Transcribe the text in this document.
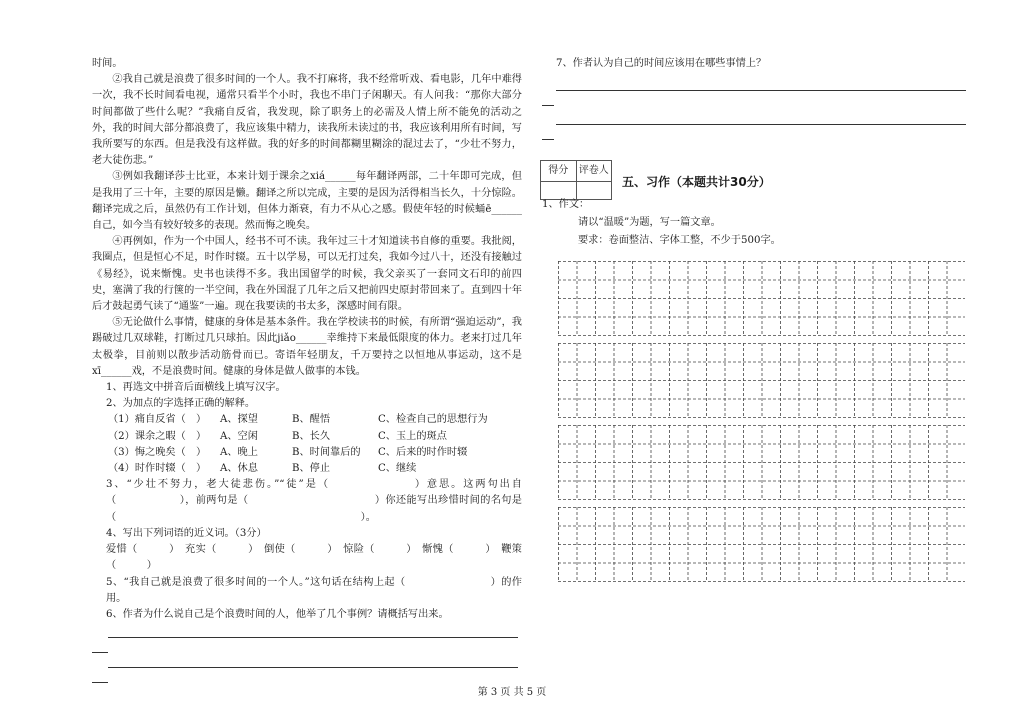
时间。

②我自己就是浪费了很多时间的一个人。我不打麻将，我不经常听戏、看电影，几年中难得一次，我不长时间看电视，通常只看半个小时，我也不串门子闲聊天。有人问我：“那你大部分时间都做了些什么呢？”我痛自反省，我发现，除了职务上的必需及人情上所不能免的活动之外，我的时间大部分都浪费了，我应该集中精力，读我所未读过的书，我应该利用所有时间，写我所要写的东西。但是我没有这样做。我的好多的时间都糊里糊涂的混过去了，“少壮不努力，老大徒伤悲。”

③例如我翻译莎士比亚，本来计划于课余之xiá______每年翻译两部，二十年即可完成，但是我用了三十年，主要的原因是懒。翻译之所以完成，主要的是因为活得相当长久，十分惊险。翻译完成之后，虽然仍有工作计划，但体力渐衰，有力不从心之感。假使年轻的时候蛹ē______自己，如今当有较好较多的表现。然而悔之晚矣。

④再例如，作为一个中国人，经书不可不读。我年过三十才知道读书自修的重要。我批阅，我圈点，但是恒心不足，时作时辍。五十以学易，可以无打过矣，我如今过八十，还没有接触过《易经》，说来惭愧。史书也读得不多。我出国留学的时候，我父亲买了一套同文石印的前四史，塞满了我的行箧的一半空间，我在外国混了几年之后又把前四史原封带回来了。直到四十年后才鼓起勇气读了“通鉴”一遍。现在我要读的书太多，深感时间有限。

⑤无论做什么事情，健康的身体是基本条件。我在学校读书的时候，有所谓“强迫运动”，我踢破过几双球鞋，打断过几只球拍。因此jiǎo______幸维持下来最低限度的体力。老来打过几年太极拳，目前则以散步活动筋骨而已。寄语年轻朋友，千万要持之以恒地从事运动，这不是xī______戏，不是浪费时间。健康的身体是做人做事的本钱。

1、再选文中拼音后面横线上填写汉字。

2、为加点的字选择正确的解释。

（1）痛自反省（　）	A、探望	B、醒悟	C、检查自己的思想行为
（2）课余之暇（　）	A、空闲	B、长久	C、玉上的斑点
（3）悔之晚矣（　）	A、晚上	B、时间靠后的	C、后来的时作时辍
（4）时作时辍（　）	A、休息	B、停止	C、继续

3、“少壮不努力，老大徒悲伤。”“徒”是（　　　　　　　）意思。这两句出自（　　　　　　），前两句是（　　　　　　　　　　　　）你还能写出珍惜时间的名句是（　　　　　　　　　　　　　　　　　　　　　　　　）。

4、写出下列词语的近义词。（3分）

爱惜（　　　）　充实（　　　）　倒使（　　　）　惊险（　　　）　惭愧（　　　）　鞭策（　　　）

5、“我自己就是浪费了很多时间的一个人。”这句话在结构上起（　　　　　　　　）的作用。

6、作者为什么说自己是个浪费时间的人，他举了几个事例？请概括写出来。

7、作者认为自己的时间应该用在哪些事情上？

得分	评卷人
五、习作（本题共计30分）
1、作文：
请以“温暖”为题，写一篇文章。
要求：卷面整洁、字体工整，不少于500字。
第 3 页 共 5 页
